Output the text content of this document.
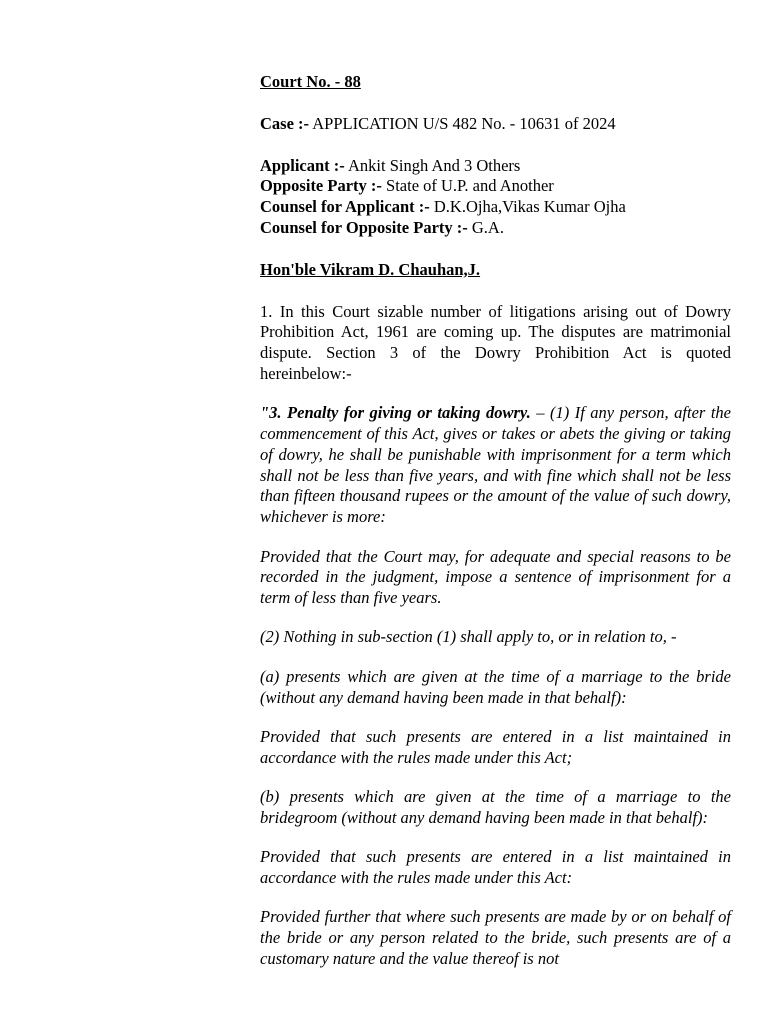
Court No. - 88

Case :- APPLICATION U/S 482 No. - 10631 of 2024

Applicant :- Ankit Singh And 3 Others

Opposite Party :- State of U.P. and Another

Counsel for Applicant :- D.K.Ojha,Vikas Kumar Ojha

Counsel for Opposite Party :- G.A.

Hon'ble Vikram D. Chauhan,J.

1. In this Court sizable number of litigations arising out of Dowry Prohibition Act, 1961 are coming up. The disputes are matrimonial dispute. Section 3 of the Dowry Prohibition Act is quoted hereinbelow:-

"3. Penalty for giving or taking dowry. – (1) If any person, after the commencement of this Act, gives or takes or abets the giving or taking of dowry, he shall be punishable with imprisonment for a term which shall not be less than five years, and with fine which shall not be less than fifteen thousand rupees or the amount of the value of such dowry, whichever is more:

Provided that the Court may, for adequate and special reasons to be recorded in the judgment, impose a sentence of imprisonment for a term of less than five years.

(2) Nothing in sub-section (1) shall apply to, or in relation to, -

(a) presents which are given at the time of a marriage to the bride (without any demand having been made in that behalf):

Provided that such presents are entered in a list maintained in accordance with the rules made under this Act;

(b) presents which are given at the time of a marriage to the bridegroom (without any demand having been made in that behalf):

Provided that such presents are entered in a list maintained in accordance with the rules made under this Act:

Provided further that where such presents are made by or on behalf of the bride or any person related to the bride, such presents are of a customary nature and the value thereof is not
